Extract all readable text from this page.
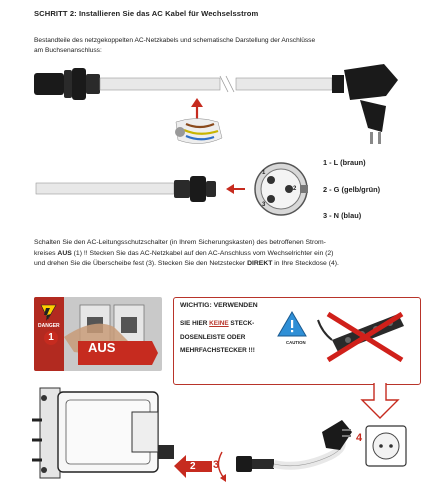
SCHRITT 2: Installieren Sie das AC Kabel für Wechselsstrom
Bestandteile des netzgekoppelten AC-Netzkabels und schematische Darstellung der Anschlüsse
am Buchsenanschluss:
1
3
2
1 - L (braun)
2 - G (gelb/grün)
3 - N (blau)
Schalten Sie den AC-Leitungsschutzschalter (in Ihrem Sicherungskasten) des betroffenen Strom-
kreises AUS (1) !! Stecken Sie das AC-Netzkabel auf den AC-Anschluss vom Wechselrichter ein (2)
und drehen Sie die Überscheibe fest (3). Stecken Sie den Netzstecker DIREKT in Ihre Steckdose (4).
DANGER
1
AUS
WICHTIG: VERWENDEN
SIE HIER KEINE STECK-
DOSENLEISTE ODER
MEHRFACHSTECKER !!!
CAUTION
2 3
4
